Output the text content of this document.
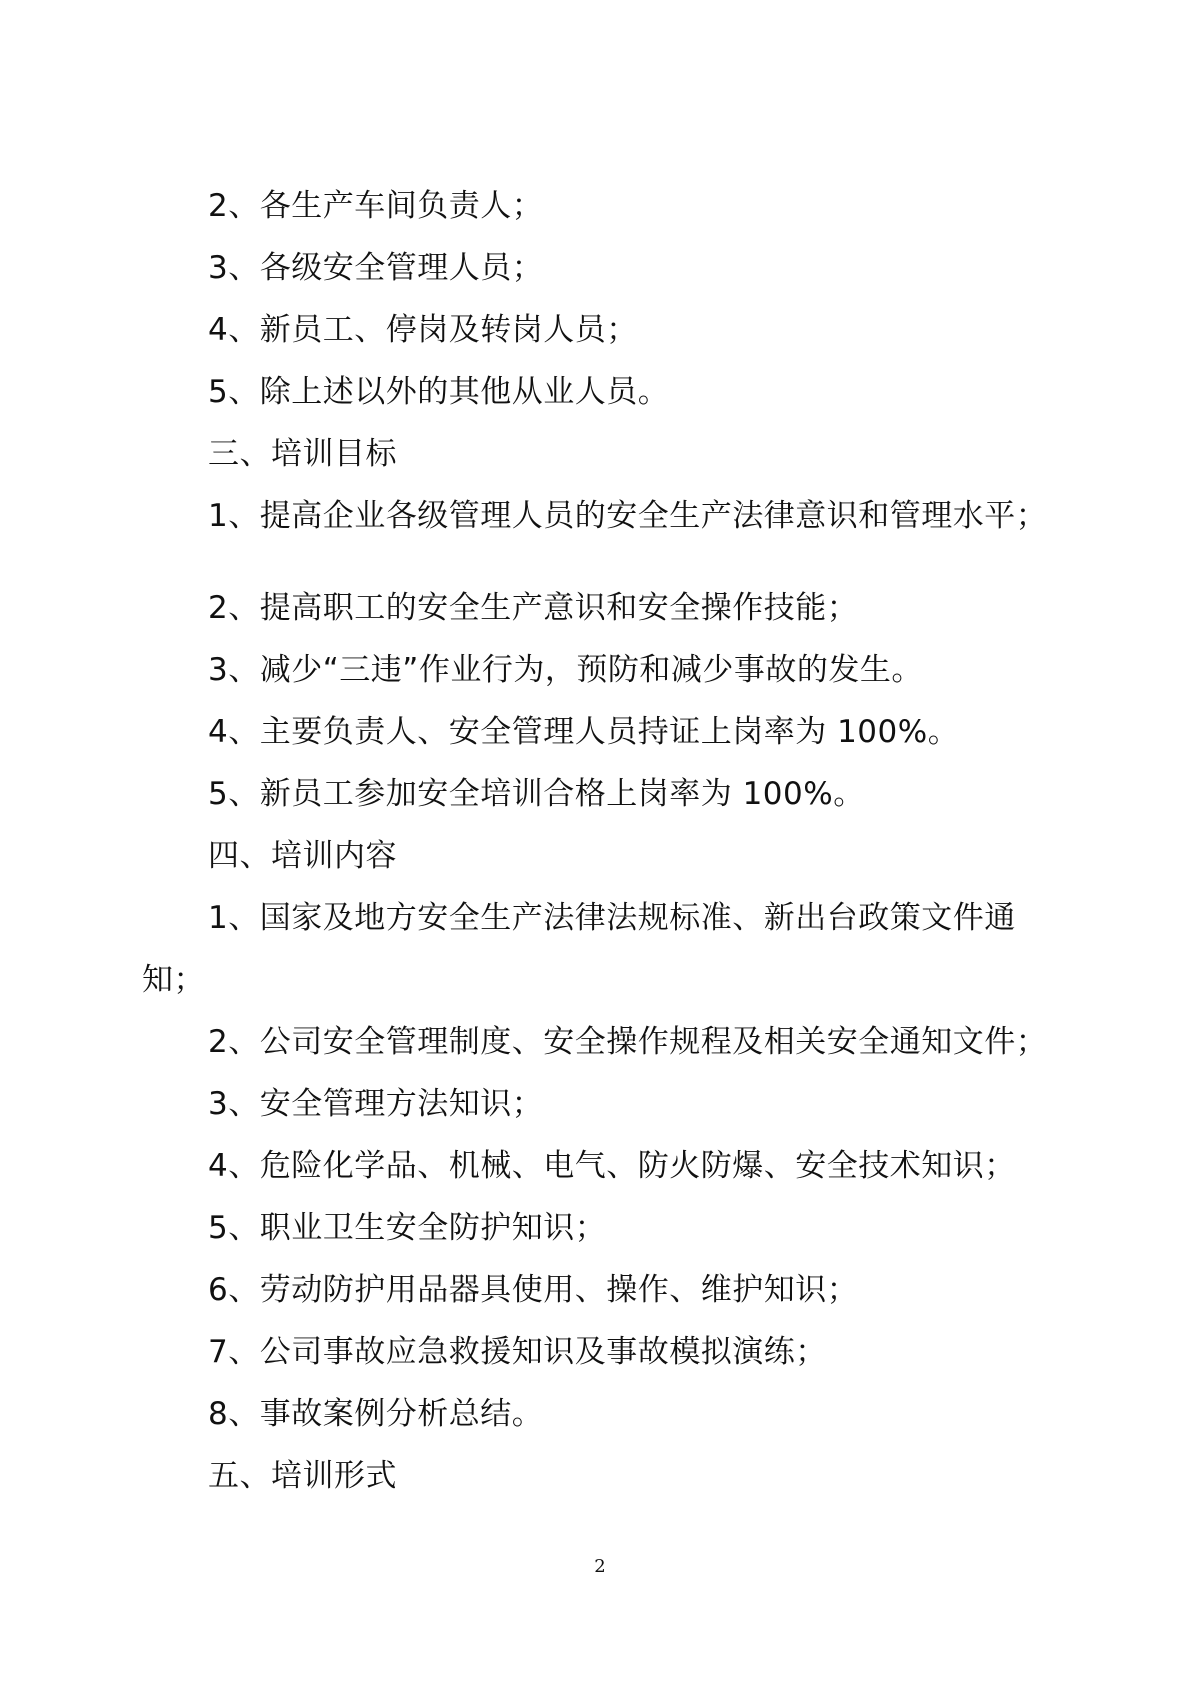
2、各生产车间负责人；
3、各级安全管理人员；
4、新员工、停岗及转岗人员；
5、除上述以外的其他从业人员。
三、培训目标
1、提高企业各级管理人员的安全生产法律意识和管理水平；
2、提高职工的安全生产意识和安全操作技能；
3、减少“三违”作业行为，预防和减少事故的发生。
4、主要负责人、安全管理人员持证上岗率为 100%。
5、新员工参加安全培训合格上岗率为 100%。
四、培训内容
1、国家及地方安全生产法律法规标准、新出台政策文件通
知；
2、公司安全管理制度、安全操作规程及相关安全通知文件；
3、安全管理方法知识；
4、危险化学品、机械、电气、防火防爆、安全技术知识；
5、职业卫生安全防护知识；
6、劳动防护用品器具使用、操作、维护知识；
7、公司事故应急救援知识及事故模拟演练；
8、事故案例分析总结。
五、培训形式
2
